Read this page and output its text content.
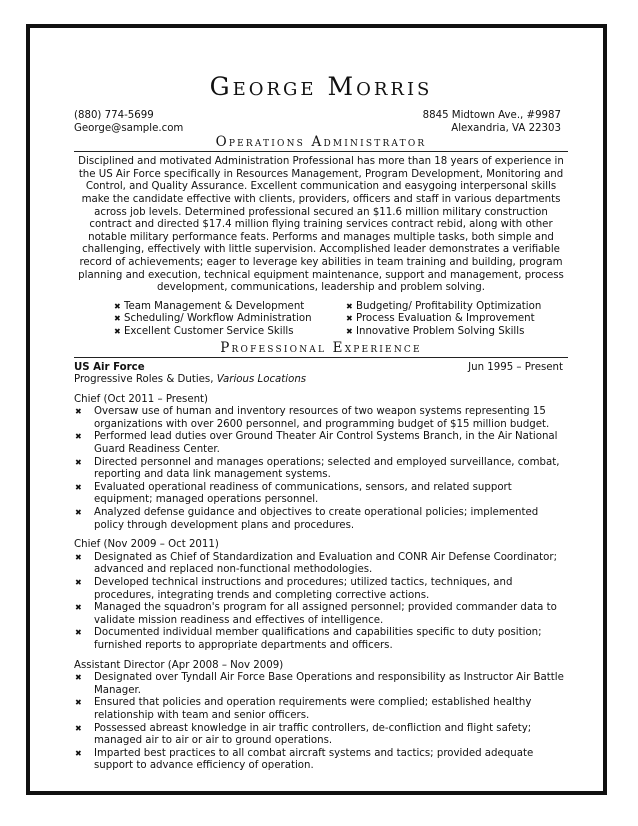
George Morris
(880) 774-5699	8845 Midtown Ave., #9987
George@sample.com	Alexandria, VA 22303
Operations Administrator
Disciplined and motivated Administration Professional has more than 18 years of experience in the US Air Force specifically in Resources Management, Program Development, Monitoring and Control, and Quality Assurance. Excellent communication and easygoing interpersonal skills make the candidate effective with clients, providers, officers and staff in various departments across job levels. Determined professional secured an $11.6 million military construction contract and directed $17.4 million flying training services contract rebid, along with other notable military performance feats. Performs and manages multiple tasks, both simple and challenging, effectively with little supervision. Accomplished leader demonstrates a verifiable record of achievements; eager to leverage key abilities in team training and building, program planning and execution, technical equipment maintenance, support and management, process development, communications, leadership and problem solving.
✖ Team Management & Development	✖ Budgeting/ Profitability Optimization
✖ Scheduling/ Workflow Administration	✖ Process Evaluation & Improvement
✖ Excellent Customer Service Skills	✖ Innovative Problem Solving Skills
Professional Experience
US Air Force	Jun 1995 – Present
Progressive Roles & Duties, Various Locations
Chief (Oct 2011 – Present)
✖	Oversaw use of human and inventory resources of two weapon systems representing 15 organizations with over 2600 personnel, and programming budget of $15 million budget.
✖	Performed lead duties over Ground Theater Air Control Systems Branch, in the Air National Guard Readiness Center.
✖	Directed personnel and manages operations; selected and employed surveillance, combat, reporting and data link management systems.
✖	Evaluated operational readiness of communications, sensors, and related support equipment; managed operations personnel.
✖	Analyzed defense guidance and objectives to create operational policies; implemented policy through development plans and procedures.
Chief (Nov 2009 – Oct 2011)
✖	Designated as Chief of Standardization and Evaluation and CONR Air Defense Coordinator; advanced and replaced non-functional methodologies.
✖	Developed technical instructions and procedures; utilized tactics, techniques, and procedures, integrating trends and completing corrective actions.
✖	Managed the squadron's program for all assigned personnel; provided commander data to validate mission readiness and effectives of intelligence.
✖	Documented individual member qualifications and capabilities specific to duty position; furnished reports to appropriate departments and officers.
Assistant Director (Apr 2008 – Nov 2009)
✖	Designated over Tyndall Air Force Base Operations and responsibility as Instructor Air Battle Manager.
✖	Ensured that policies and operation requirements were complied; established healthy relationship with team and senior officers.
✖	Possessed abreast knowledge in air traffic controllers, de-confliction and flight safety; managed air to air or air to ground operations.
✖	Imparted best practices to all combat aircraft systems and tactics; provided adequate support to advance efficiency of operation.
